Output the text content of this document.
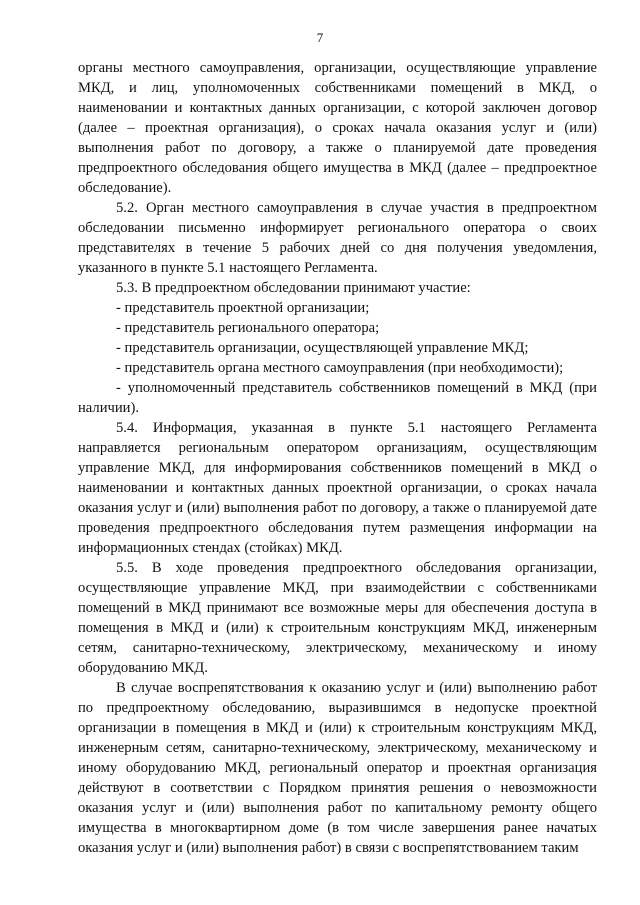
7

органы местного самоуправления, организации, осуществляющие управление МКД, и лиц, уполномоченных собственниками помещений в МКД, о наименовании и контактных данных организации, с которой заключен договор (далее – проектная организация), о сроках начала оказания услуг и (или) выполнения работ по договору, а также о планируемой дате проведения предпроектного обследования общего имущества в МКД (далее – предпроектное обследование).

5.2. Орган местного самоуправления в случае участия в предпроектном обследовании письменно информирует регионального оператора о своих представителях в течение 5 рабочих дней со дня получения уведомления, указанного в пункте 5.1 настоящего Регламента.

5.3. В предпроектном обследовании принимают участие:

- представитель проектной организации;

- представитель регионального оператора;

- представитель организации, осуществляющей управление МКД;

- представитель органа местного самоуправления (при необходимости);

- уполномоченный представитель собственников помещений в МКД (при наличии).

5.4. Информация, указанная в пункте 5.1 настоящего Регламента направляется региональным оператором организациям, осуществляющим управление МКД, для информирования собственников помещений в МКД о наименовании и контактных данных проектной организации, о сроках начала оказания услуг и (или) выполнения работ по договору, а также о планируемой дате проведения предпроектного обследования путем размещения информации на информационных стендах (стойках) МКД.

5.5. В ходе проведения предпроектного обследования организации, осуществляющие управление МКД, при взаимодействии с собственниками помещений в МКД принимают все возможные меры для обеспечения доступа в помещения в МКД и (или) к строительным конструкциям МКД, инженерным сетям, санитарно-техническому, электрическому, механическому и иному оборудованию МКД.

В случае воспрепятствования к оказанию услуг и (или) выполнению работ по предпроектному обследованию, выразившимся в недопуске проектной организации в помещения в МКД и (или) к строительным конструкциям МКД, инженерным сетям, санитарно-техническому, электрическому, механическому и иному оборудованию МКД, региональный оператор и проектная организация действуют в соответствии с Порядком принятия решения о невозможности оказания услуг и (или) выполнения работ по капитальному ремонту общего имущества в многоквартирном доме (в том числе завершения ранее начатых оказания услуг и (или) выполнения работ) в связи с воспрепятствованием таким
